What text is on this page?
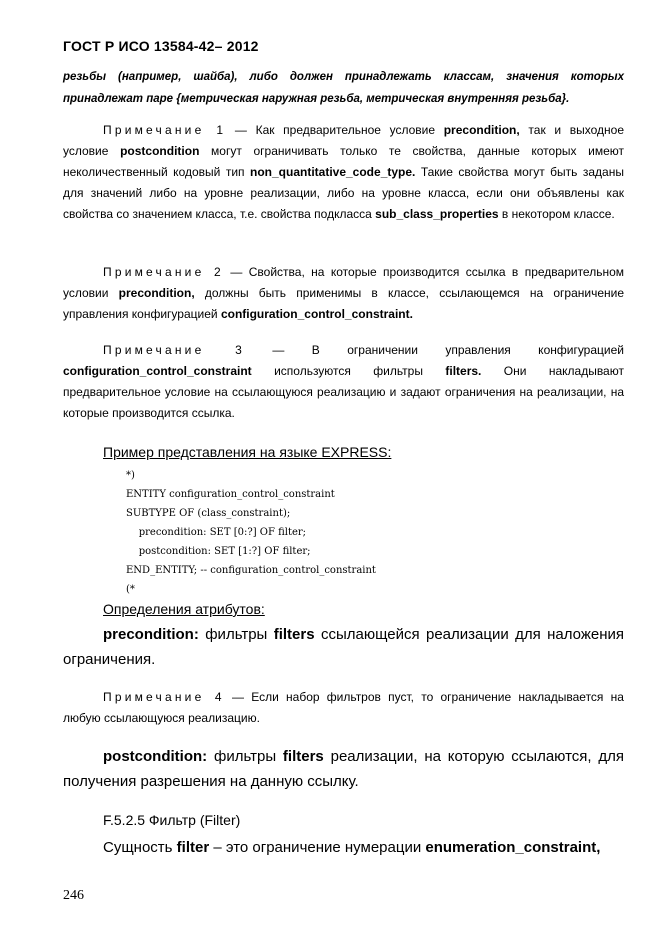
ГОСТ Р ИСО 13584-42– 2012

резьбы (например, шайба), либо должен принадлежать классам, значения которых принадлежат паре {метрическая наружная резьба, метрическая внутренняя резьба}.

Примечание 1 — Как предварительное условие precondition, так и выходное условие postcondition могут ограничивать только те свойства, данные которых имеют неколичественный кодовый тип non_quantitative_code_type. Такие свойства могут быть заданы для значений либо на уровне реализации, либо на уровне класса, если они объявлены как свойства со значением класса, т.е. свойства подкласса sub_class_properties в некотором классе.

Примечание 2 — Свойства, на которые производится ссылка в предварительном условии precondition, должны быть применимы в классе, ссылающемся на ограничение управления конфигурацией configuration_control_constraint.

Примечание 3 — В ограничении управления конфигурацией configuration_control_constraint используются фильтры filters. Они накладывают предварительное условие на ссылающуюся реализацию и задают ограничения на реализации, на которые производится ссылка.

Пример представления на языке EXPRESS:
*)
ENTITY configuration_control_constraint
SUBTYPE OF (class_constraint);
precondition: SET [0:?] OF filter;
postcondition: SET [1:?] OF filter;
END_ENTITY; -- configuration_control_constraint
(*
Определения атрибутов:

precondition: фильтры filters ссылающейся реализации для наложения ограничения.

Примечание 4 — Если набор фильтров пуст, то ограничение накладывается на любую ссылающуюся реализацию.

postcondition: фильтры filters реализации, на которую ссылаются, для получения разрешения на данную ссылку.

F.5.2.5 Фильтр (Filter)

Сущность filter – это ограничение нумерации enumeration_constraint,

246
